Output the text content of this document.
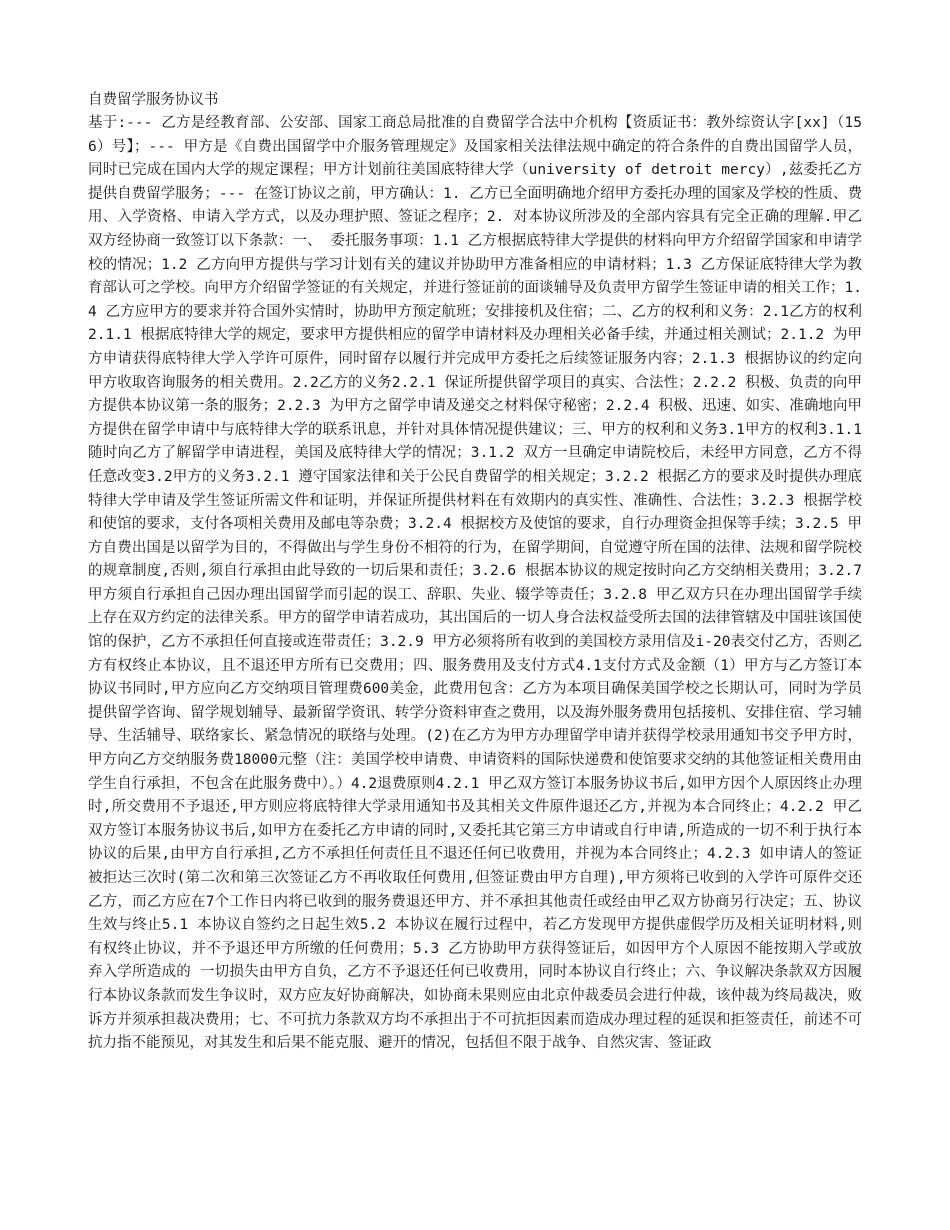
自费留学服务协议书

基于:--- 乙方是经教育部、公安部、国家工商总局批准的自费留学合法中介机构【资质证书：教外综资认字[xx]（156）号】；--- 甲方是《自费出国留学中介服务管理规定》及国家相关法律法规中确定的符合条件的自费出国留学人员，同时已完成在国内大学的规定课程；甲方计划前往美国底特律大学（university of detroit mercy）,兹委托乙方提供自费留学服务；--- 在签订协议之前，甲方确认：1. 乙方已全面明确地介绍甲方委托办理的国家及学校的性质、费用、入学资格、申请入学方式，以及办理护照、签证之程序；2. 对本协议所涉及的全部内容具有完全正确的理解.甲乙双方经协商一致签订以下条款：一、 委托服务事项：1.1 乙方根据底特律大学提供的材料向甲方介绍留学国家和申请学校的情况；1.2 乙方向甲方提供与学习计划有关的建议并协助甲方准备相应的申请材料；1.3 乙方保证底特律大学为教育部认可之学校。向甲方介绍留学签证的有关规定，并进行签证前的面谈辅导及负责甲方留学生签证申请的相关工作；1.4 乙方应甲方的要求并符合国外实情时，协助甲方预定航班；安排接机及住宿；二、乙方的权利和义务：2.1乙方的权利2.1.1 根据底特律大学的规定，要求甲方提供相应的留学申请材料及办理相关必备手续，并通过相关测试；2.1.2 为甲方申请获得底特律大学入学许可原件，同时留存以履行并完成甲方委托之后续签证服务内容；2.1.3 根据协议的约定向甲方收取咨询服务的相关费用。2.2乙方的义务2.2.1 保证所提供留学项目的真实、合法性；2.2.2 积极、负责的向甲方提供本协议第一条的服务；2.2.3 为甲方之留学申请及递交之材料保守秘密；2.2.4 积极、迅速、如实、准确地向甲方提供在留学申请中与底特律大学的联系讯息，并针对具体情况提供建议；三、甲方的权利和义务3.1甲方的权利3.1.1 随时向乙方了解留学申请进程，美国及底特律大学的情况；3.1.2 双方一旦确定申请院校后，未经甲方同意，乙方不得任意改变3.2甲方的义务3.2.1 遵守国家法律和关于公民自费留学的相关规定；3.2.2 根据乙方的要求及时提供办理底特律大学申请及学生签证所需文件和证明，并保证所提供材料在有效期内的真实性、准确性、合法性；3.2.3 根据学校和使馆的要求，支付各项相关费用及邮电等杂费；3.2.4 根据校方及使馆的要求，自行办理资金担保等手续；3.2.5 甲方自费出国是以留学为目的，不得做出与学生身份不相符的行为，在留学期间，自觉遵守所在国的法律、法规和留学院校的规章制度,否则,须自行承担由此导致的一切后果和责任；3.2.6 根据本协议的规定按时向乙方交纳相关费用；3.2.7 甲方须自行承担自己因办理出国留学而引起的误工、辞职、失业、辍学等责任；3.2.8 甲乙双方只在办理出国留学手续上存在双方约定的法律关系。甲方的留学申请若成功，其出国后的一切人身合法权益受所去国的法律管辖及中国驻该国使馆的保护，乙方不承担任何直接或连带责任；3.2.9 甲方必须将所有收到的美国校方录用信及i-20表交付乙方，否则乙方有权终止本协议，且不退还甲方所有已交费用；四、服务费用及支付方式4.1支付方式及金额（1）甲方与乙方签订本协议书同时,甲方应向乙方交纳项目管理费600美金，此费用包含：乙方为本项目确保美国学校之长期认可，同时为学员提供留学咨询、留学规划辅导、最新留学资讯、转学分资料审查之费用，以及海外服务费用包括接机、安排住宿、学习辅导、生活辅导、联络家长、紧急情况的联络与处理。(2)在乙方为甲方办理留学申请并获得学校录用通知书交予甲方时，甲方向乙方交纳服务费18000元整（注：美国学校申请费、申请资料的国际快递费和使馆要求交纳的其他签证相关费用由学生自行承担，不包含在此服务费中）。）4.2退费原则4.2.1 甲乙双方签订本服务协议书后,如甲方因个人原因终止办理时,所交费用不予退还,甲方则应将底特律大学录用通知书及其相关文件原件退还乙方,并视为本合同终止；4.2.2 甲乙双方签订本服务协议书后,如甲方在委托乙方申请的同时,又委托其它第三方申请或自行申请,所造成的一切不利于执行本协议的后果,由甲方自行承担,乙方不承担任何责任且不退还任何已收费用，并视为本合同终止；4.2.3 如申请人的签证被拒达三次时(第二次和第三次签证乙方不再收取任何费用,但签证费由甲方自理),甲方须将已收到的入学许可原件交还乙方，而乙方应在7个工作日内将已收到的服务费退还甲方、并不承担其他责任或经由甲乙双方协商另行决定；五、协议生效与终止5.1 本协议自签约之日起生效5.2 本协议在履行过程中，若乙方发现甲方提供虚假学历及相关证明材料,则有权终止协议，并不予退还甲方所缴的任何费用；5.3 乙方协助甲方获得签证后，如因甲方个人原因不能按期入学或放弃入学所造成的 一切损失由甲方自负，乙方不予退还任何已收费用，同时本协议自行终止；六、争议解决条款双方因履行本协议条款而发生争议时，双方应友好协商解决，如协商未果则应由北京仲裁委员会进行仲裁，该仲裁为终局裁决，败诉方并须承担裁决费用；七、不可抗力条款双方均不承担出于不可抗拒因素而造成办理过程的延误和拒签责任，前述不可抗力指不能预见，对其发生和后果不能克服、避开的情况，包括但不限于战争、自然灾害、签证政
